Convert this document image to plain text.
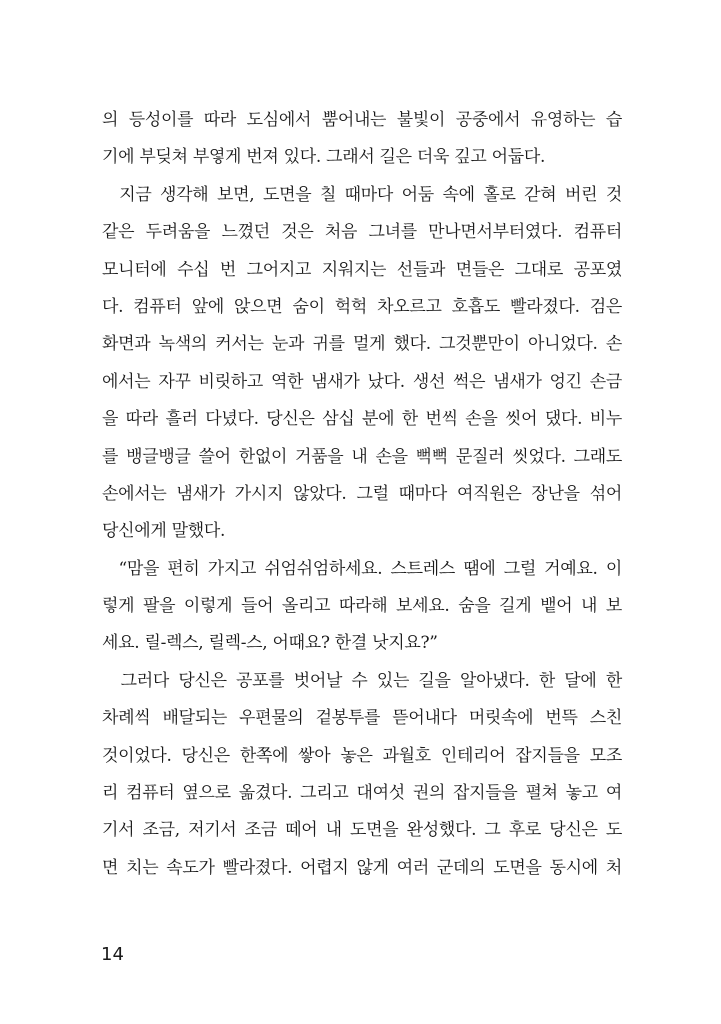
의 등성이를 따라 도심에서 뿜어내는 불빛이 공중에서 유영하는 습
기에 부딪쳐 부옇게 번져 있다. 그래서 길은 더욱 깊고 어둡다.
지금 생각해 보면, 도면을 칠 때마다 어둠 속에 홀로 갇혀 버린 것
같은 두려움을 느꼈던 것은 처음 그녀를 만나면서부터였다. 컴퓨터
모니터에 수십 번 그어지고 지워지는 선들과 면들은 그대로 공포였
다. 컴퓨터 앞에 앉으면 숨이 헉헉 차오르고 호흡도 빨라졌다. 검은
화면과 녹색의 커서는 눈과 귀를 멀게 했다. 그것뿐만이 아니었다. 손
에서는 자꾸 비릿하고 역한 냄새가 났다. 생선 썩은 냄새가 엉긴 손금
을 따라 흘러 다녔다. 당신은 삼십 분에 한 번씩 손을 씻어 댔다. 비누
를 뱅글뱅글 쓸어 한없이 거품을 내 손을 뻑뻑 문질러 씻었다. 그래도
손에서는 냄새가 가시지 않았다. 그럴 때마다 여직원은 장난을 섞어
당신에게 말했다.
“맘을 편히 가지고 쉬엄쉬엄하세요. 스트레스 땜에 그럴 거예요. 이
렇게 팔을 이렇게 들어 올리고 따라해 보세요. 숨을 길게 뱉어 내 보
세요. 릴-렉스, 릴렉-스, 어때요? 한결 낫지요?”
그러다 당신은 공포를 벗어날 수 있는 길을 알아냈다. 한 달에 한
차례씩 배달되는 우편물의 겉봉투를 뜯어내다 머릿속에 번뜩 스친
것이었다. 당신은 한쪽에 쌓아 놓은 과월호 인테리어 잡지들을 모조
리 컴퓨터 옆으로 옮겼다. 그리고 대여섯 권의 잡지들을 펼쳐 놓고 여
기서 조금, 저기서 조금 떼어 내 도면을 완성했다. 그 후로 당신은 도
면 치는 속도가 빨라졌다. 어렵지 않게 여러 군데의 도면을 동시에 처
14
